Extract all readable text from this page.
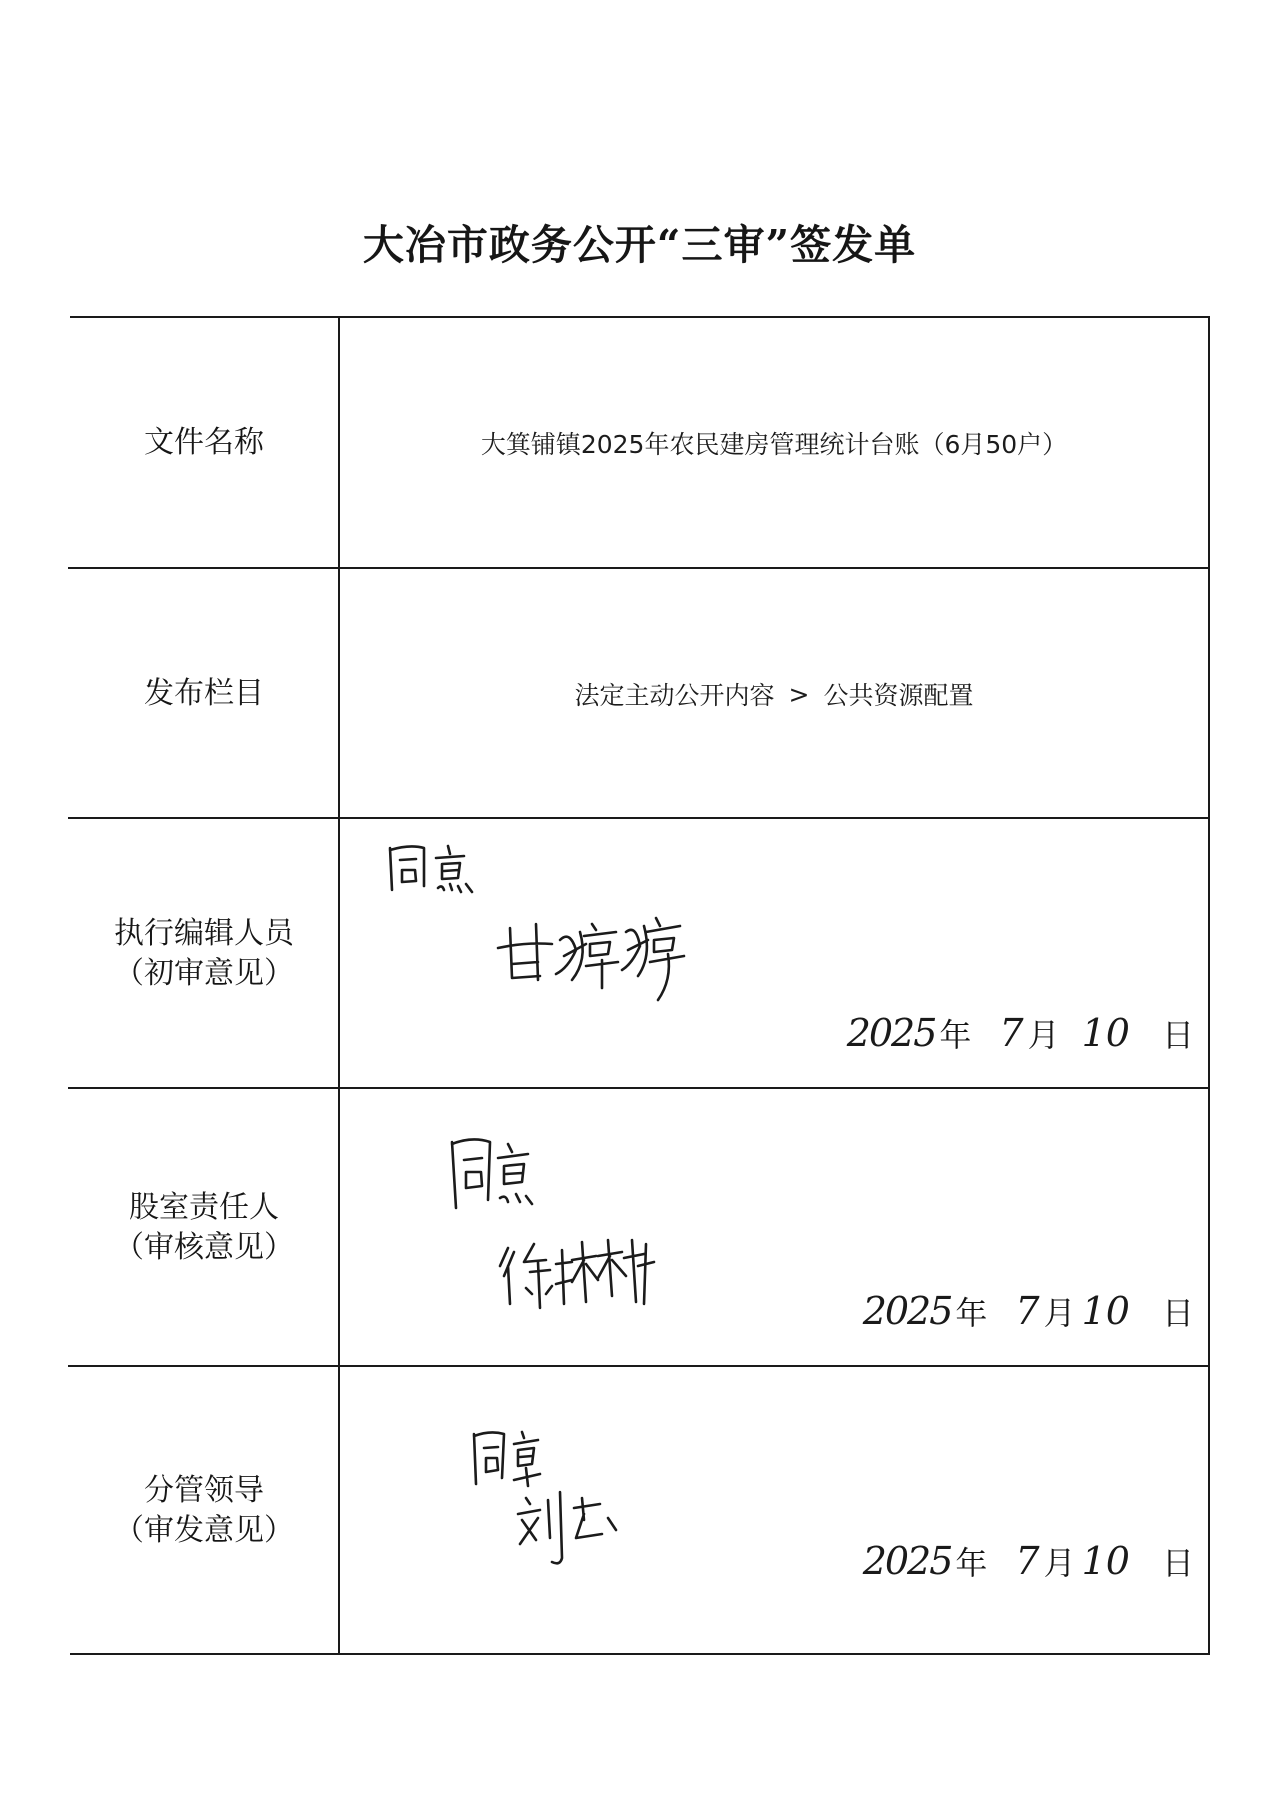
大冶市政务公开“三审”签发单
文件名称	大箕铺镇2025年农民建房管理统计台账（6月50户）
发布栏目	法定主动公开内容 > 公共资源配置
执行编辑人员
（初审意见）
2025 年 7 月 10 日
股室责任人
（审核意见）
2025 年 7 月 10 日
分管领导
（审发意见）
2025 年 7 月 10 日
